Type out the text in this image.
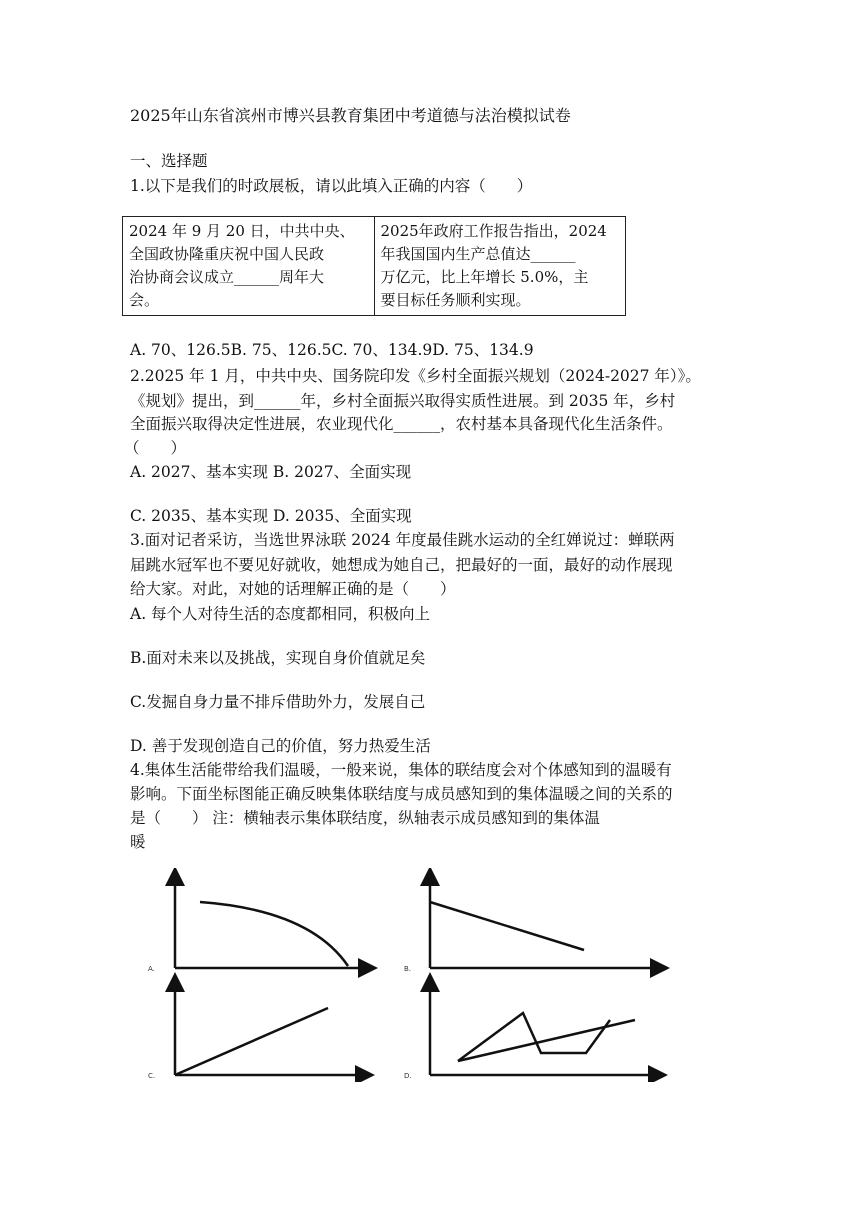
2025年山东省滨州市博兴县教育集团中考道德与法治模拟试卷
一、选择题
1.以下是我们的时政展板，请以此填入正确的内容（　　）
2024 年 9 月 20 日，中共中央、
全国政协隆重庆祝中国人民政
治协商会议成立______周年大
会。

2025年政府工作报告指出，2024
年我国国内生产总值达______
万亿元，比上年增长 5.0%，主
要目标任务顺利实现。
A. 70、126.5B. 75、126.5C. 70、134.9D. 75、134.9
2.2025 年 1 月，中共中央、国务院印发《乡村全面振兴规划（2024-2027 年）》。
《规划》提出，到______年，乡村全面振兴取得实质性进展。到 2035 年，乡村
全面振兴取得决定性进展，农业现代化______，农村基本具备现代化生活条件。
（　　）
A. 2027、基本实现 B. 2027、全面实现
C. 2035、基本实现 D. 2035、全面实现
3.面对记者采访，当选世界泳联 2024 年度最佳跳水运动的全红婵说过：蝉联两
届跳水冠军也不要见好就收，她想成为她自己，把最好的一面，最好的动作展现
给大家。对此，对她的话理解正确的是（　　）
A. 每个人对待生活的态度都相同，积极向上
B.面对未来以及挑战，实现自身价值就足矣
C.发掘自身力量不排斥借助外力，发展自己
D. 善于发现创造自己的价值，努力热爱生活
4.集体生活能带给我们温暖，一般来说，集体的联结度会对个体感知到的温暖有
影响。下面坐标图能正确反映集体联结度与成员感知到的集体温暖之间的关系的
是（　　） 注：横轴表示集体联结度，纵轴表示成员感知到的集体温
暖
A.	B.
C.	D.
